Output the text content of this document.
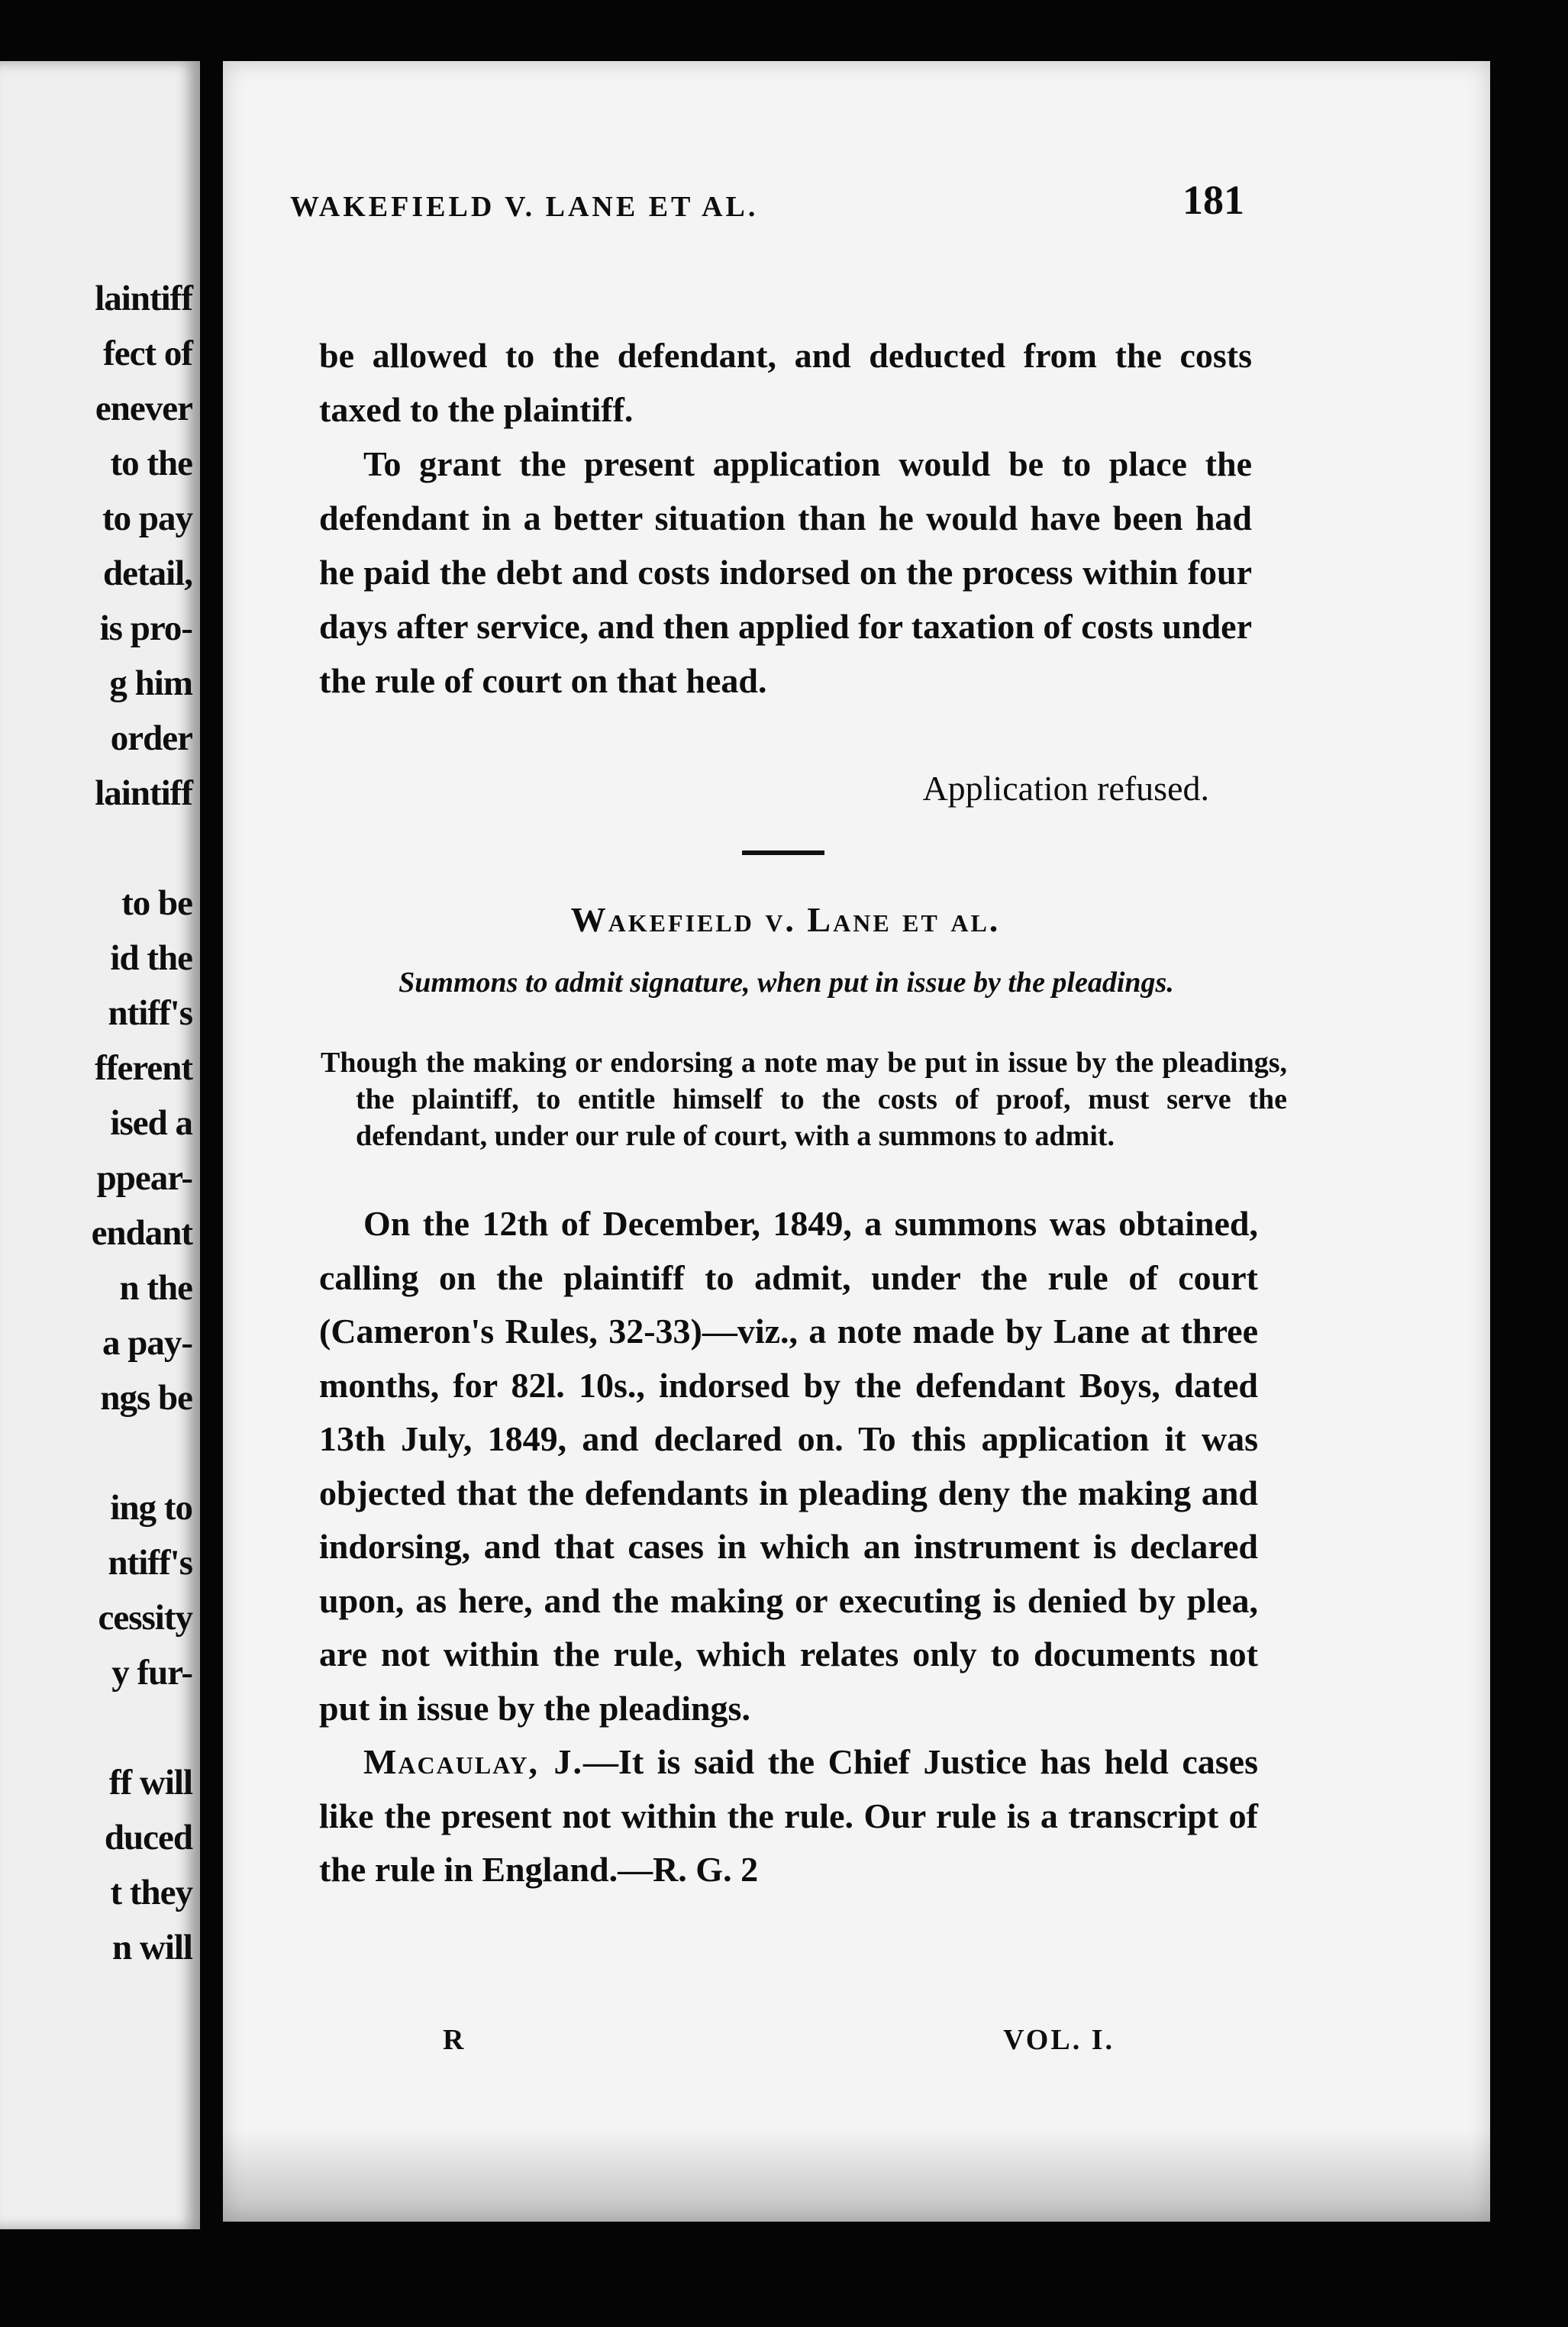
laintiff
fect of
enever
to the
to pay
detail,
is pro-
g him
order
laintiff
to be
id the
ntiff's
fferent
ised a
ppear-
endant
n the
a pay-
ngs be
ing to
ntiff's
cessity
y fur-
ff will
duced
t they
n will
WAKEFIELD V. LANE ET AL.	181

be allowed to the defendant, and deducted from the costs taxed to the plaintiff.

To grant the present application would be to place the defendant in a better situation than he would have been had he paid the debt and costs indorsed on the process within four days after service, and then applied for taxation of costs under the rule of court on that head.

Application refused.

Wakefield v. Lane et al.
Summons to admit signature, when put in issue by the pleadings.
Though the making or endorsing a note may be put in issue by the pleadings, the plaintiff, to entitle himself to the costs of proof, must serve the defendant, under our rule of court, with a summons to admit.

On the 12th of December, 1849, a summons was obtained, calling on the plaintiff to admit, under the rule of court (Cameron's Rules, 32-33)—viz., a note made by Lane at three months, for 82l. 10s., indorsed by the defendant Boys, dated 13th July, 1849, and declared on. To this application it was objected that the defendants in pleading deny the making and indorsing, and that cases in which an instrument is declared upon, as here, and the making or executing is denied by plea, are not within the rule, which relates only to documents not put in issue by the pleadings.

Macaulay, J.—It is said the Chief Justice has held cases like the present not within the rule. Our rule is a transcript of the rule in England.—R. G. 2

R	VOL. I.
